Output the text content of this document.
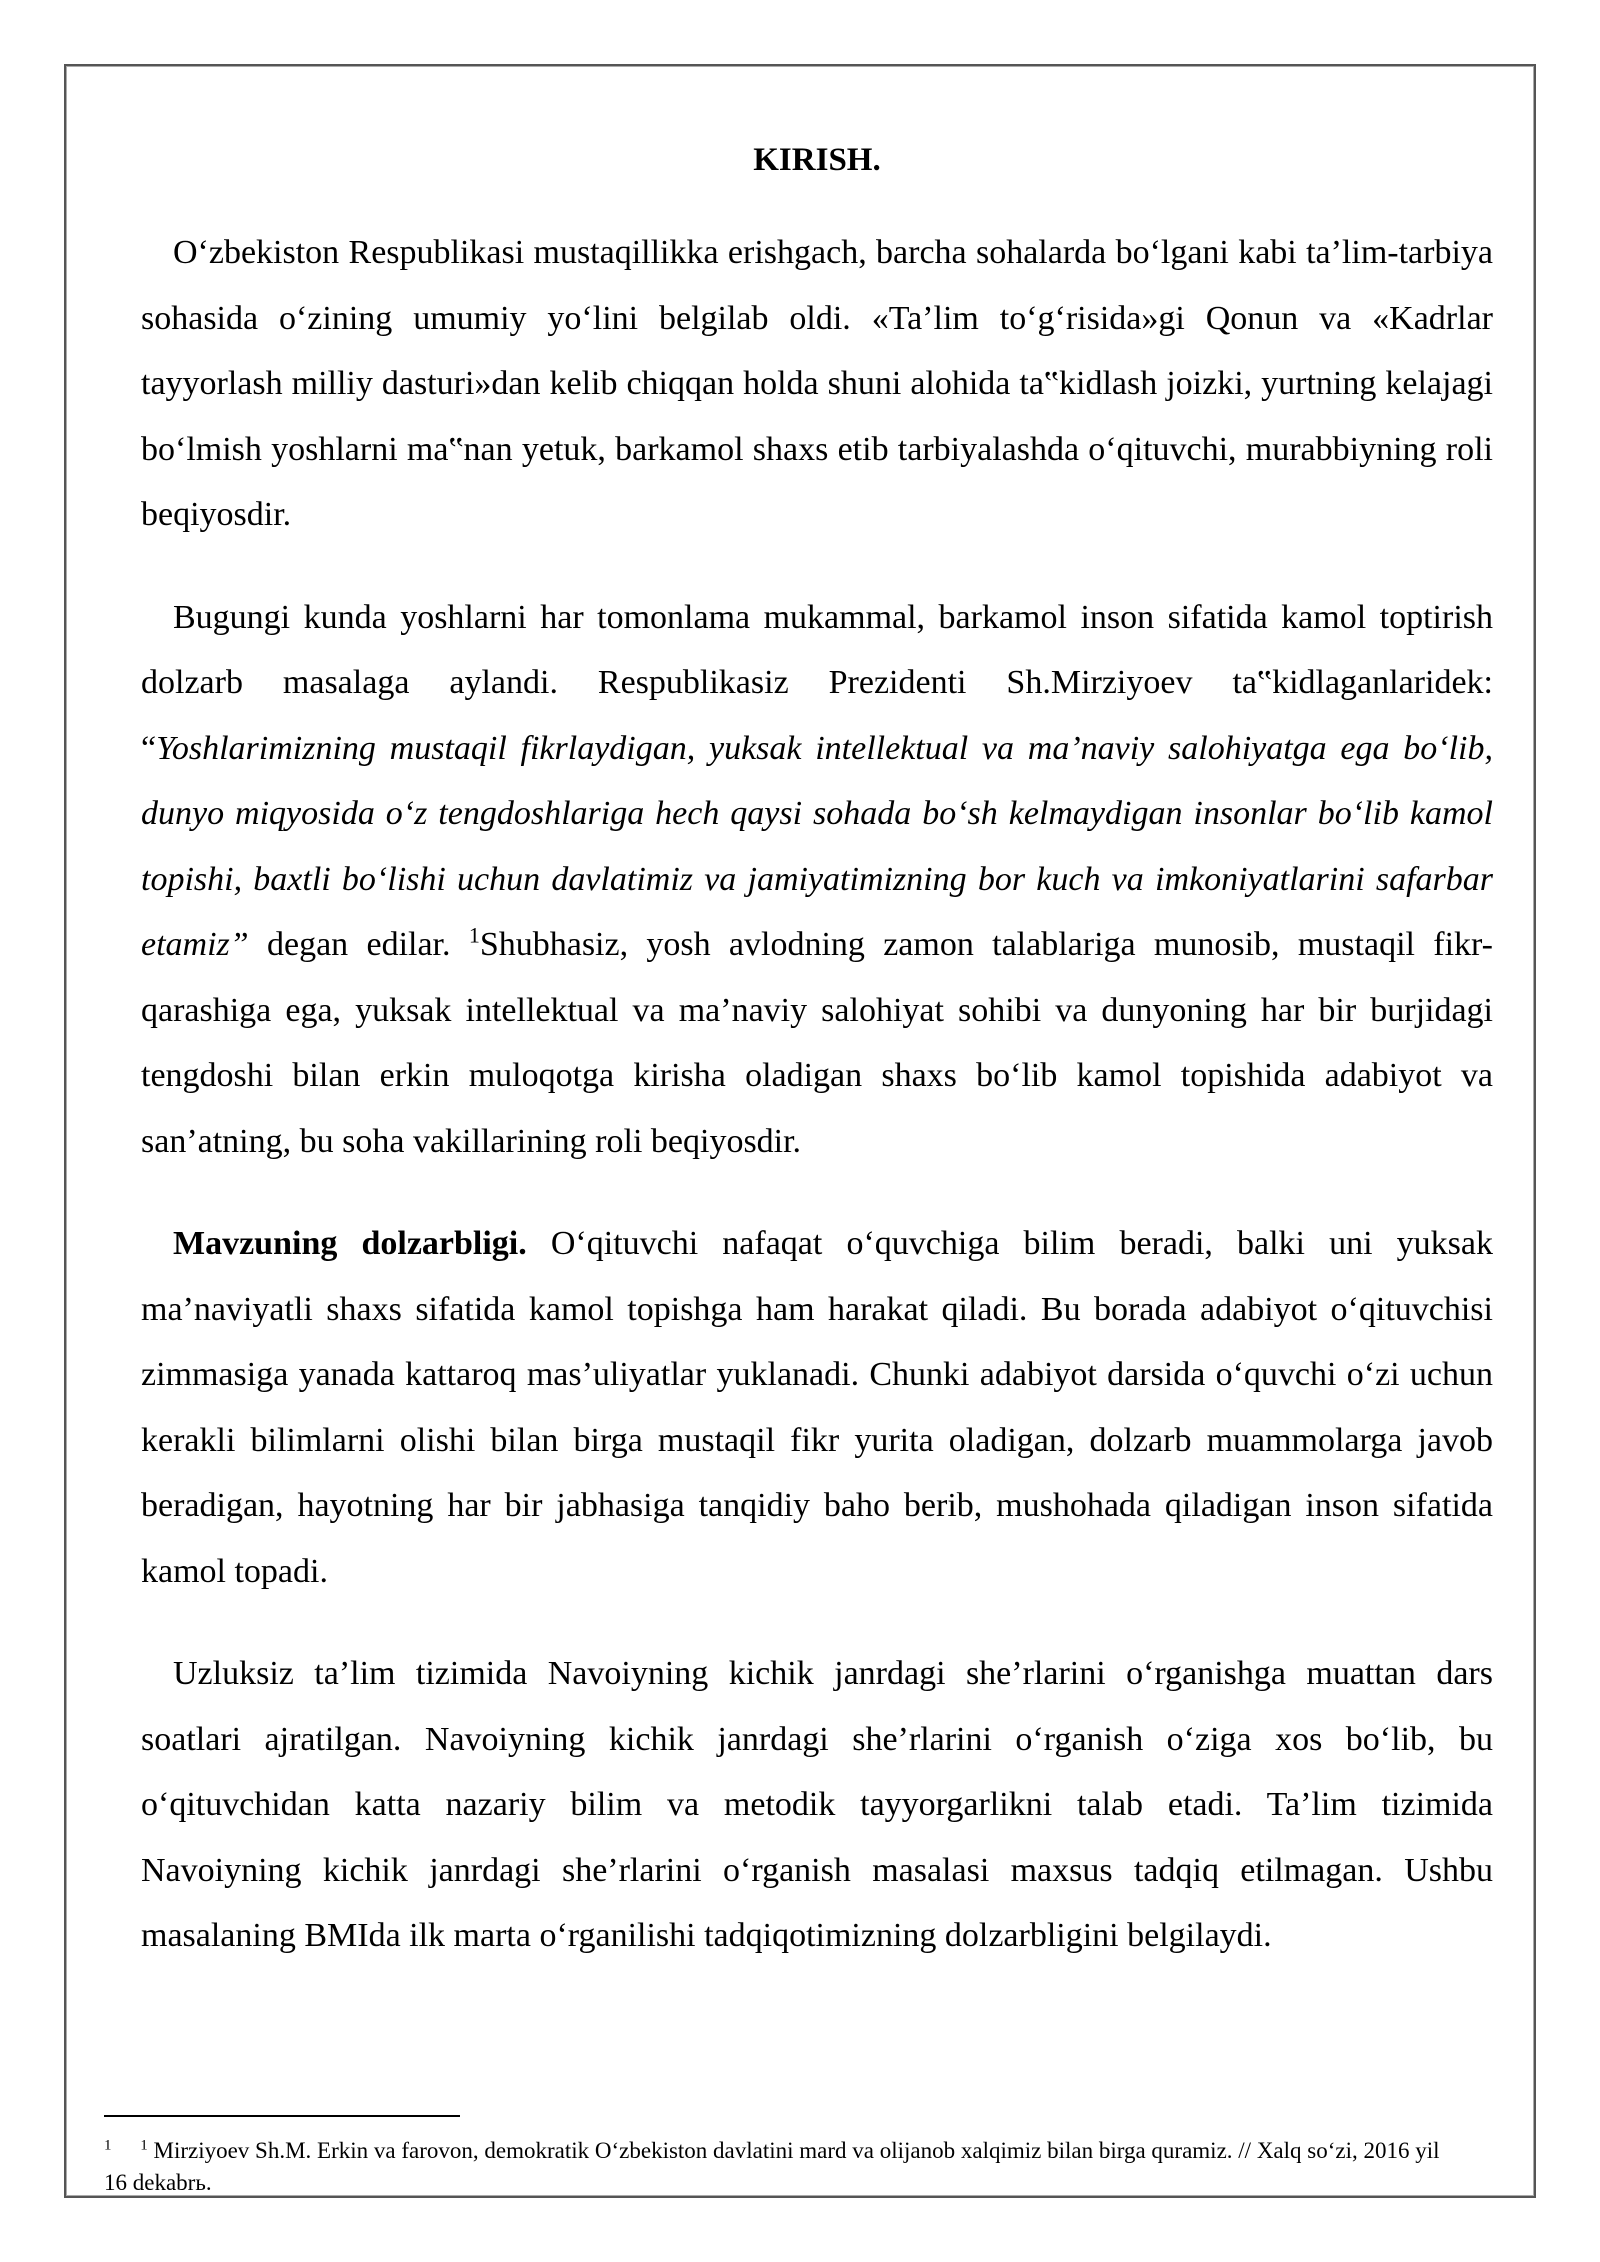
KIRISH.

O‘zbekiston Respublikasi mustaqillikka erishgach, barcha sohalarda bo‘lgani kabi ta’lim-tarbiya sohasida o‘zining umumiy yo‘lini belgilab oldi. «Ta’lim to‘g‘risida»gi Qonun va «Kadrlar tayyorlash milliy dasturi»dan kelib chiqqan holda shuni alohida ta‟kidlash joizki, yurtning kelajagi bo‘lmish yoshlarni ma‟nan yetuk, barkamol shaxs etib tarbiyalashda o‘qituvchi, murabbiyning roli beqiyosdir.

Bugungi kunda yoshlarni har tomonlama mukammal, barkamol inson sifatida kamol toptirish dolzarb masalaga aylandi. Respublikasiz Prezidenti Sh.Mirziyoev ta‟kidlaganlaridek: “Yoshlarimizning mustaqil fikrlaydigan, yuksak intellektual va ma’naviy salohiyatga ega bo‘lib, dunyo miqyosida o‘z tengdoshlariga hech qaysi sohada bo‘sh kelmaydigan insonlar bo‘lib kamol topishi, baxtli bo‘lishi uchun davlatimiz va jamiyatimizning bor kuch va imkoniyatlarini safarbar etamiz” degan edilar. $^1$Shubhasiz, yosh avlodning zamon talablariga munosib, mustaqil fikr- qarashiga ega, yuksak intellektual va ma’naviy salohiyat sohibi va dunyoning har bir burjidagi tengdoshi bilan erkin muloqotga kirisha oladigan shaxs bo‘lib kamol topishida adabiyot va san’atning, bu soha vakillarining roli beqiyosdir.

Mavzuning dolzarbligi. O‘qituvchi nafaqat o‘quvchiga bilim beradi, balki uni yuksak ma’naviyatli shaxs sifatida kamol topishga ham harakat qiladi. Bu borada adabiyot o‘qituvchisi zimmasiga yanada kattaroq mas’uliyatlar yuklanadi. Chunki adabiyot darsida o‘quvchi o‘zi uchun kerakli bilimlarni olishi bilan birga mustaqil fikr yurita oladigan, dolzarb muammolarga javob beradigan, hayotning har bir jabhasiga tanqidiy baho berib, mushohada qiladigan inson sifatida kamol topadi.

Uzluksiz ta’lim tizimida Navoiyning kichik janrdagi she’rlarini o‘rganishga muattan dars soatlari ajratilgan. Navoiyning kichik janrdagi she’rlarini o‘rganish o‘ziga xos bo‘lib, bu o‘qituvchidan katta nazariy bilim va metodik tayyorgarlikni talab etadi. Ta’lim tizimida Navoiyning kichik janrdagi she’rlarini o‘rganish masalasi maxsus tadqiq etilmagan. Ushbu masalaning BMIda ilk marta o‘rganilishi tadqiqotimizning dolzarbligini belgilaydi.

$^1$ $^1$ Mirziyoev Sh.M. Erkin va farovon, demokratik O‘zbekiston davlatini mard va olijanob xalqimiz bilan birga quramiz. // Xalq so‘zi, 2016 yil 16 dekabrь.
